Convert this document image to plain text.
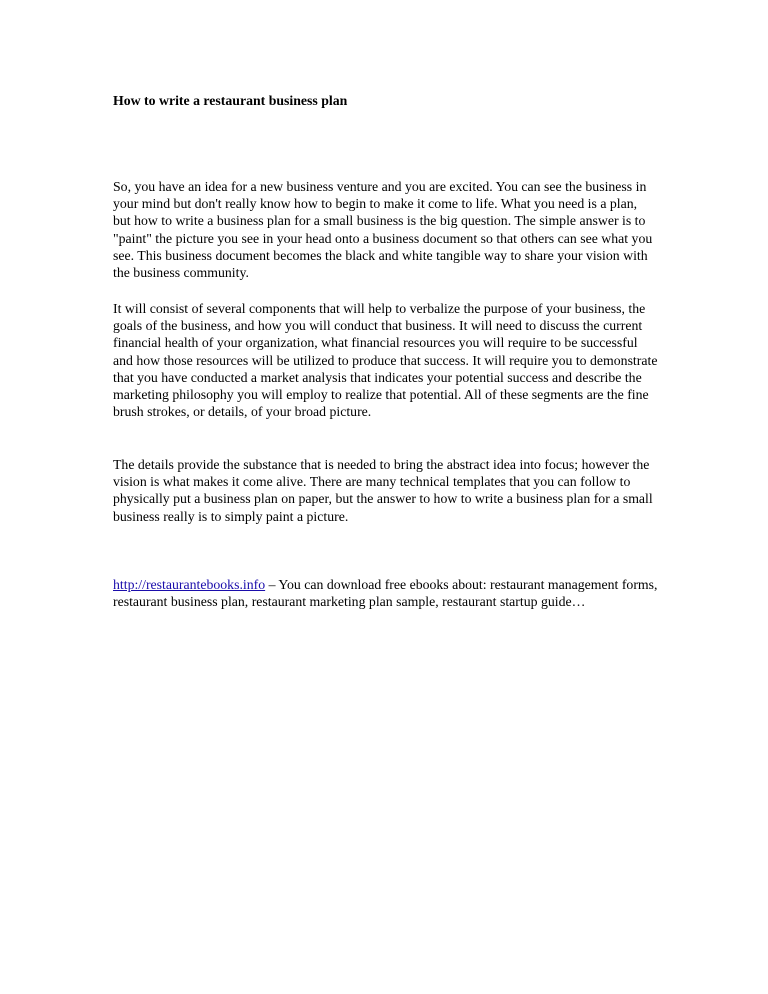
How to write a restaurant business plan

So, you have an idea for a new business venture and you are excited. You can see the business in your mind but don't really know how to begin to make it come to life. What you need is a plan, but how to write a business plan for a small business is the big question. The simple answer is to "paint" the picture you see in your head onto a business document so that others can see what you see. This business document becomes the black and white tangible way to share your vision with the business community.

It will consist of several components that will help to verbalize the purpose of your business, the goals of the business, and how you will conduct that business. It will need to discuss the current financial health of your organization, what financial resources you will require to be successful and how those resources will be utilized to produce that success. It will require you to demonstrate that you have conducted a market analysis that indicates your potential success and describe the marketing philosophy you will employ to realize that potential. All of these segments are the fine brush strokes, or details, of your broad picture.

The details provide the substance that is needed to bring the abstract idea into focus; however the vision is what makes it come alive. There are many technical templates that you can follow to physically put a business plan on paper, but the answer to how to write a business plan for a small business really is to simply paint a picture.

http://restaurantebooks.info – You can download free ebooks about: restaurant management forms, restaurant business plan, restaurant marketing plan sample, restaurant startup guide…
